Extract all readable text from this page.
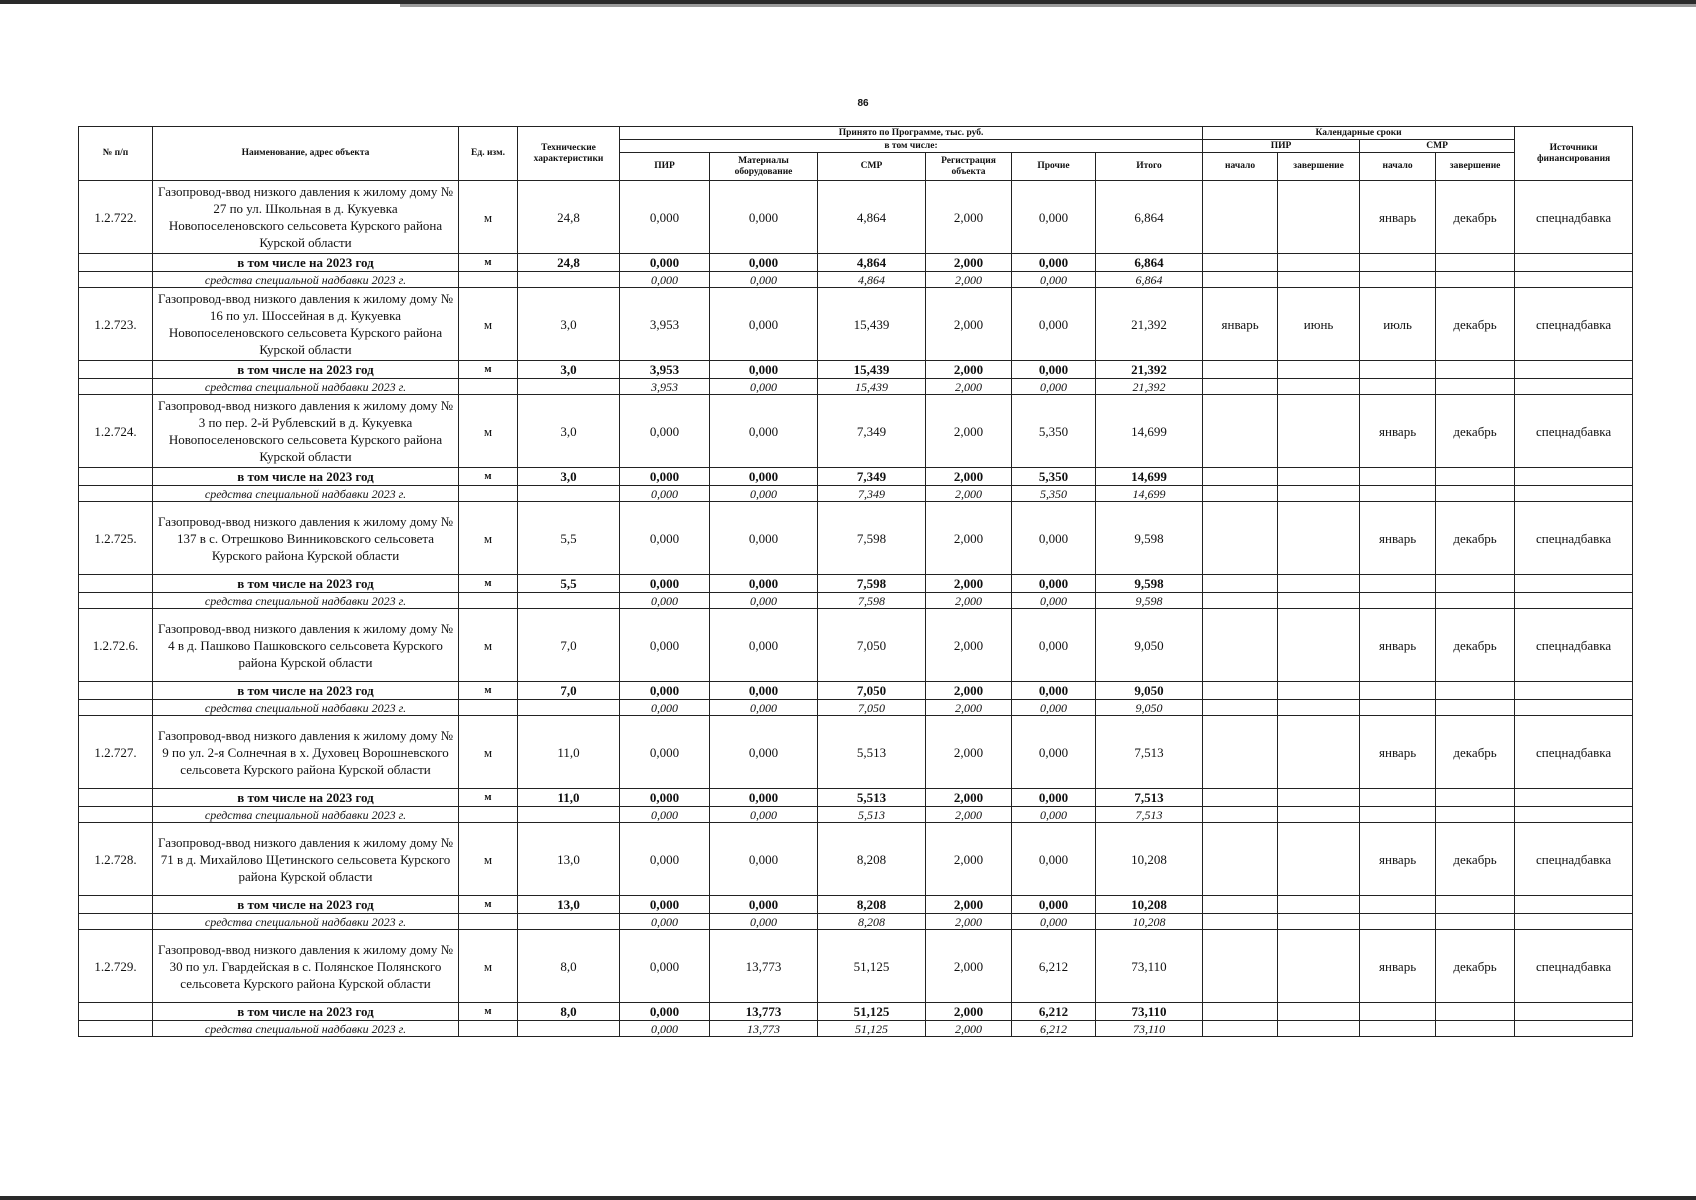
86
№ п/п	Наименование, адрес объекта	Ед. изм.	Технические характеристики	Принято по Программе, тыс. руб.						Календарные сроки				Источники финансирования
				в том числе:						ПИР		СМР		
				ПИР	Материалы оборудование	СМР	Регистрация объекта	Прочие	Итого	начало	завершение	начало	завершение	
1.2.722.	Газопровод-ввод низкого давления к жилому дому № 27 по ул. Школьная в д. Кукуевка Новопоселеновского сельсовета Курского района Курской области	м	24,8	0,000	0,000	4,864	2,000	0,000	6,864			январь	декабрь	спецнадбавка
	в том числе на 2023 год	м	24,8	0,000	0,000	4,864	2,000	0,000	6,864					
	средства специальной надбавки 2023 г.			0,000	0,000	4,864	2,000	0,000	6,864					
1.2.723.	Газопровод-ввод низкого давления к жилому дому № 16 по ул. Шоссейная в д. Кукуевка Новопоселеновского сельсовета Курского района Курской области	м	3,0	3,953	0,000	15,439	2,000	0,000	21,392	январь	июнь	июль	декабрь	спецнадбавка
	в том числе на 2023 год	м	3,0	3,953	0,000	15,439	2,000	0,000	21,392					
	средства специальной надбавки 2023 г.			3,953	0,000	15,439	2,000	0,000	21,392					
1.2.724.	Газопровод-ввод низкого давления к жилому дому № 3 по пер. 2-й Рублевский в д. Кукуевка Новопоселеновского сельсовета Курского района Курской области	м	3,0	0,000	0,000	7,349	2,000	5,350	14,699			январь	декабрь	спецнадбавка
	в том числе на 2023 год	м	3,0	0,000	0,000	7,349	2,000	5,350	14,699					
	средства специальной надбавки 2023 г.			0,000	0,000	7,349	2,000	5,350	14,699					
1.2.725.	Газопровод-ввод низкого давления к жилому дому № 137 в с. Отрешково Винниковского сельсовета Курского района Курской области	м	5,5	0,000	0,000	7,598	2,000	0,000	9,598			январь	декабрь	спецнадбавка
	в том числе на 2023 год	м	5,5	0,000	0,000	7,598	2,000	0,000	9,598					
	средства специальной надбавки 2023 г.			0,000	0,000	7,598	2,000	0,000	9,598					
1.2.72.6.	Газопровод-ввод низкого давления к жилому дому № 4 в д. Пашково Пашковского сельсовета Курского района Курской области	м	7,0	0,000	0,000	7,050	2,000	0,000	9,050			январь	декабрь	спецнадбавка
	в том числе на 2023 год	м	7,0	0,000	0,000	7,050	2,000	0,000	9,050					
	средства специальной надбавки 2023 г.			0,000	0,000	7,050	2,000	0,000	9,050					
1.2.727.	Газопровод-ввод низкого давления к жилому дому № 9 по ул. 2-я Солнечная в х. Духовец Ворошневского сельсовета Курского района Курской области	м	11,0	0,000	0,000	5,513	2,000	0,000	7,513			январь	декабрь	спецнадбавка
	в том числе на 2023 год	м	11,0	0,000	0,000	5,513	2,000	0,000	7,513					
	средства специальной надбавки 2023 г.			0,000	0,000	5,513	2,000	0,000	7,513					
1.2.728.	Газопровод-ввод низкого давления к жилому дому № 71 в д. Михайлово Щетинского сельсовета Курского района Курской области	м	13,0	0,000	0,000	8,208	2,000	0,000	10,208			январь	декабрь	спецнадбавка
	в том числе на 2023 год	м	13,0	0,000	0,000	8,208	2,000	0,000	10,208					
	средства специальной надбавки 2023 г.			0,000	0,000	8,208	2,000	0,000	10,208					
1.2.729.	Газопровод-ввод низкого давления к жилому дому № 30 по ул. Гвардейская в с. Полянское Полянского сельсовета Курского района Курской области	м	8,0	0,000	13,773	51,125	2,000	6,212	73,110			январь	декабрь	спецнадбавка
	в том числе на 2023 год	м	8,0	0,000	13,773	51,125	2,000	6,212	73,110					
	средства специальной надбавки 2023 г.			0,000	13,773	51,125	2,000	6,212	73,110					
